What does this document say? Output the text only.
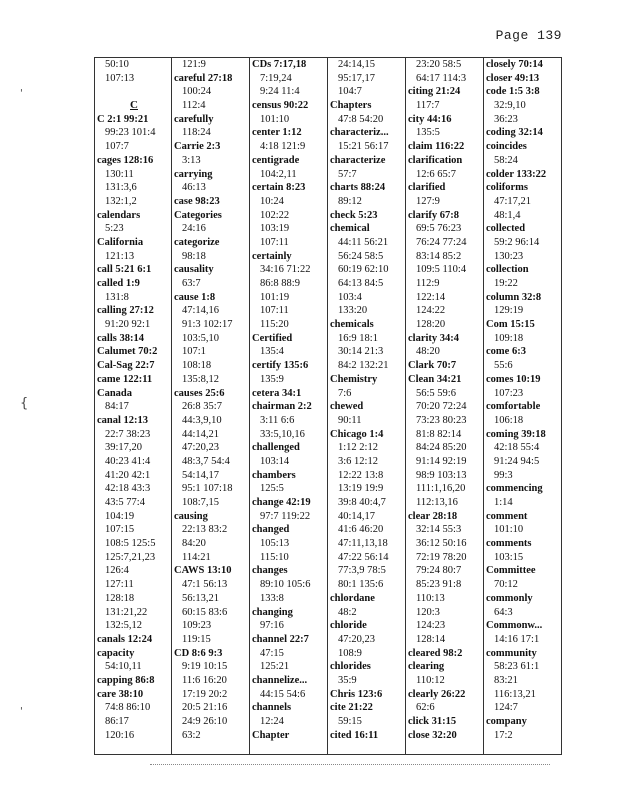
Page 139
'
{
'
50:10
107:13
C
C 2:1 99:21
99:23 101:4
107:7
cages 128:16
130:11
131:3,6
132:1,2
calendars
5:23
California
121:13
call 5:21 6:1
called 1:9
131:8
calling 27:12
91:20 92:1
calls 38:14
Calumet 70:2
Cal-Sag 22:7
came 122:11
Canada
84:17
canal 12:13
22:7 38:23
39:17,20
40:23 41:4
41:20 42:1
42:18 43:3
43:5 77:4
104:19
107:15
108:5 125:5
125:7,21,23
126:4
127:11
128:18
131:21,22
132:5,12
canals 12:24
capacity
54:10,11
capping 86:8
care 38:10
74:8 86:10
86:17
120:16
121:9
careful 27:18
100:24
112:4
carefully
118:24
Carrie 2:3
3:13
carrying
46:13
case 98:23
Categories
24:16
categorize
98:18
causality
63:7
cause 1:8
47:14,16
91:3 102:17
103:5,10
107:1
108:18
135:8,12
causes 25:6
26:8 35:7
44:3,9,10
44:14,21
47:20,23
48:3,7 54:4
54:14,17
95:1 107:18
108:7,15
causing
22:13 83:2
84:20
114:21
CAWS 13:10
47:1 56:13
56:13,21
60:15 83:6
109:23
119:15
CD 8:6 9:3
9:19 10:15
11:6 16:20
17:19 20:2
20:5 21:16
24:9 26:10
63:2
CDs 7:17,18
7:19,24
9:24 11:4
census 90:22
101:10
center 1:12
4:18 121:9
centigrade
104:2,11
certain 8:23
10:24
102:22
103:19
107:11
certainly
34:16 71:22
86:8 88:9
101:19
107:11
115:20
Certified
135:4
certify 135:6
135:9
cetera 34:1
chairman 2:2
3:11 6:6
33:5,10,16
challenged
103:14
chambers
125:5
change 42:19
97:7 119:22
changed
105:13
115:10
changes
89:10 105:6
133:8
changing
97:16
channel 22:7
47:15
125:21
channelize...
44:15 54:6
channels
12:24
Chapter
24:14,15
95:17,17
104:7
Chapters
47:8 54:20
characteriz...
15:21 56:17
characterize
57:7
charts 88:24
89:12
check 5:23
chemical
44:11 56:21
56:24 58:5
60:19 62:10
64:13 84:5
103:4
133:20
chemicals
16:9 18:1
30:14 21:3
84:2 132:21
Chemistry
7:6
chewed
90:11
Chicago 1:4
1:12 2:12
3:6 12:12
12:22 13:8
13:19 19:9
39:8 40:4,7
40:14,17
41:6 46:20
47:11,13,18
47:22 56:14
77:3,9 78:5
80:1 135:6
chlordane
48:2
chloride
47:20,23
108:9
chlorides
35:9
Chris 123:6
cite 21:22
59:15
cited 16:11
23:20 58:5
64:17 114:3
citing 21:24
117:7
city 44:16
135:5
claim 116:22
clarification
12:6 65:7
clarified
127:9
clarify 67:8
69:5 76:23
76:24 77:24
83:14 85:2
109:5 110:4
112:9
122:14
124:22
128:20
clarity 34:4
48:20
Clark 70:7
Clean 34:21
56:5 59:6
70:20 72:24
73:23 80:23
81:8 82:14
84:24 85:20
91:14 92:19
98:9 103:13
111:1,16,20
112:13,16
clear 28:18
32:14 55:3
36:12 50:16
72:19 78:20
79:24 80:7
85:23 91:8
110:13
120:3
124:23
128:14
cleared 98:2
clearing
110:12
clearly 26:22
62:6
click 31:15
close 32:20
closely 70:14
closer 49:13
code 1:5 3:8
32:9,10
36:23
coding 32:14
coincides
58:24
colder 133:22
coliforms
47:17,21
48:1,4
collected
59:2 96:14
130:23
collection
19:22
column 32:8
129:19
Com 15:15
109:18
come 6:3
55:6
comes 10:19
107:23
comfortable
106:18
coming 39:18
42:18 55:4
91:24 94:5
99:3
commencing
1:14
comment
101:10
comments
103:15
Committee
70:12
commonly
64:3
Commonw...
14:16 17:1
community
58:23 61:1
83:21
116:13,21
124:7
company
17:2
